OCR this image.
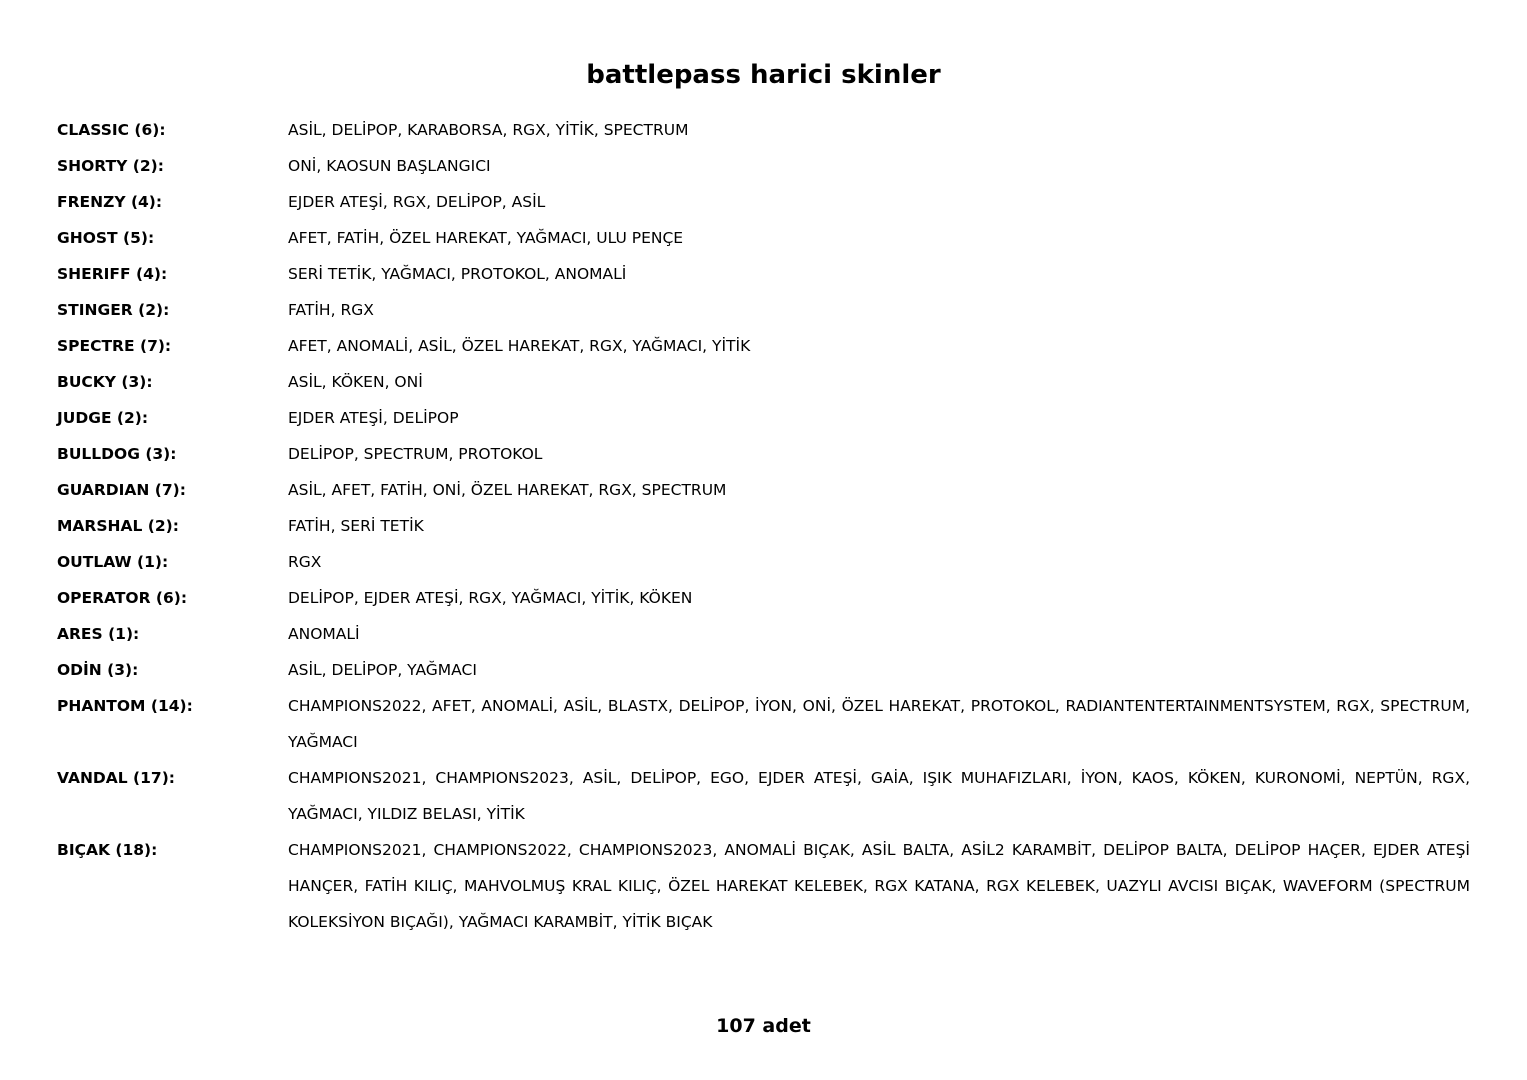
battlepass harici skinler
CLASSIC (6):	ASİL, DELİPOP, KARABORSA, RGX, YİTİK, SPECTRUM
SHORTY (2):	ONİ, KAOSUN BAŞLANGICI
FRENZY (4):	EJDER ATEŞİ, RGX, DELİPOP, ASİL
GHOST (5):	AFET, FATİH, ÖZEL HAREKAT, YAĞMACI, ULU PENÇE
SHERIFF (4):	SERİ TETİK, YAĞMACI, PROTOKOL, ANOMALİ
STINGER (2):	FATİH, RGX
SPECTRE (7):	AFET, ANOMALİ, ASİL, ÖZEL HAREKAT, RGX, YAĞMACI, YİTİK
BUCKY (3):	ASİL, KÖKEN, ONİ
JUDGE (2):	EJDER ATEŞİ, DELİPOP
BULLDOG (3):	DELİPOP, SPECTRUM, PROTOKOL
GUARDIAN (7):	ASİL, AFET, FATİH, ONİ, ÖZEL HAREKAT, RGX, SPECTRUM
MARSHAL (2):	FATİH, SERİ TETİK
OUTLAW (1):	RGX
OPERATOR (6):	DELİPOP, EJDER ATEŞİ, RGX, YAĞMACI, YİTİK, KÖKEN
ARES (1):	ANOMALİ
ODİN (3):	ASİL, DELİPOP, YAĞMACI
PHANTOM (14):	CHAMPIONS2022, AFET, ANOMALİ, ASİL, BLASTX, DELİPOP, İYON, ONİ, ÖZEL HAREKAT, PROTOKOL, RADIANTENTERTAINMENTSYSTEM, RGX, SPECTRUM, YAĞMACI
VANDAL (17):	CHAMPIONS2021, CHAMPIONS2023, ASİL, DELİPOP, EGO, EJDER ATEŞİ, GAİA, IŞIK MUHAFIZLARI, İYON, KAOS, KÖKEN, KURONOMİ, NEPTÜN, RGX, YAĞMACI, YILDIZ BELASI, YİTİK
BIÇAK (18):	CHAMPIONS2021, CHAMPIONS2022, CHAMPIONS2023, ANOMALİ BIÇAK, ASİL BALTA, ASİL2 KARAMBİT, DELİPOP BALTA, DELİPOP HAÇER, EJDER ATEŞİ HANÇER, FATİH KILIÇ, MAHVOLMUŞ KRAL KILIÇ, ÖZEL HAREKAT KELEBEK, RGX KATANA, RGX KELEBEK, UAZYLI AVCISI BIÇAK, WAVEFORM (SPECTRUM KOLEKSİYON BIÇAĞI), YAĞMACI KARAMBİT, YİTİK BIÇAK
107 adet
